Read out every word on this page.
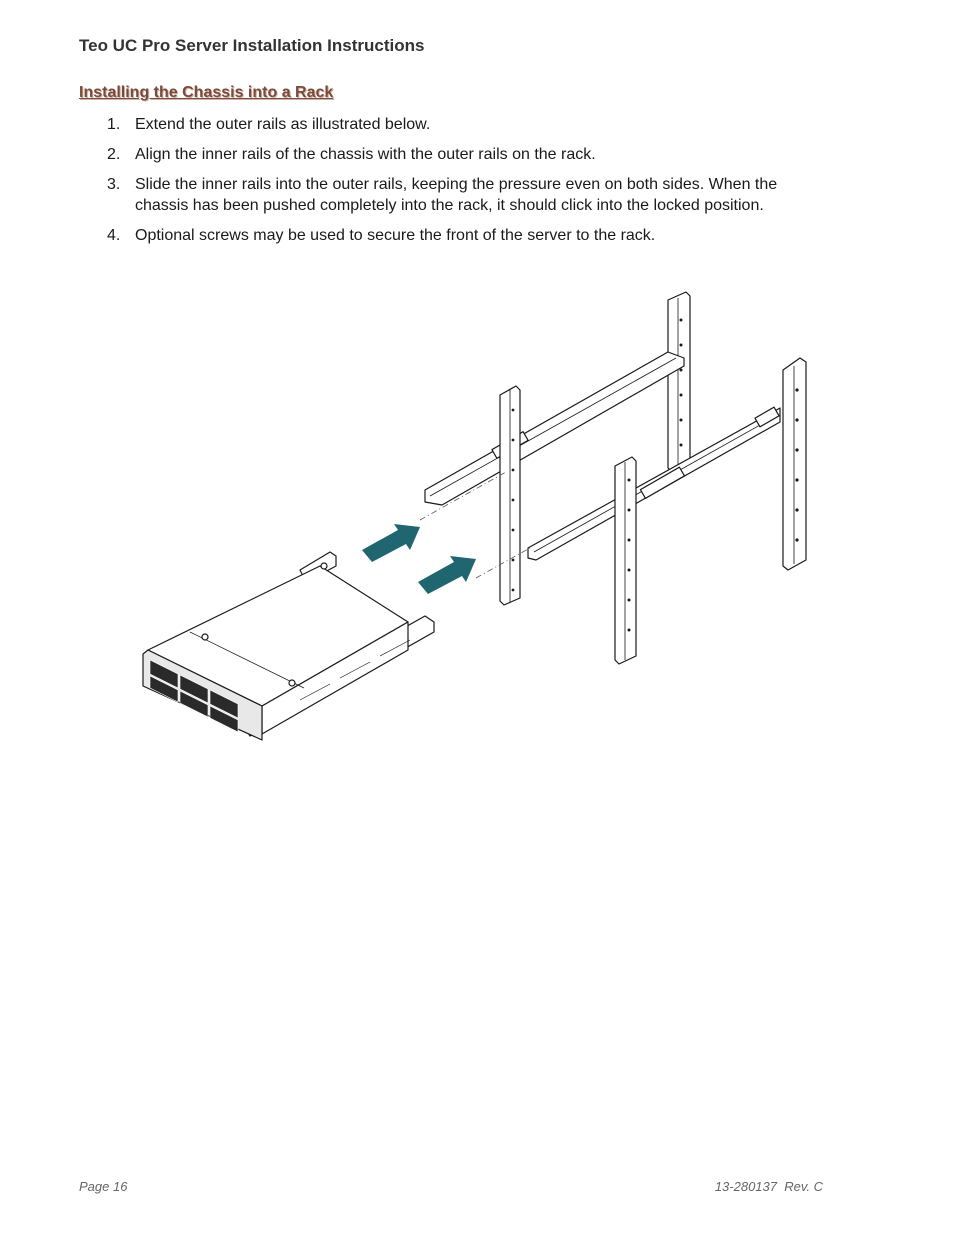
Teo UC Pro Server Installation Instructions
Installing the Chassis into a Rack
1. Extend the outer rails as illustrated below.
2. Align the inner rails of the chassis with the outer rails on the rack.
3. Slide the inner rails into the outer rails, keeping the pressure even on both sides. When the chassis has been pushed completely into the rack, it should click into the locked position.
4. Optional screws may be used to secure the front of the server to the rack.
Page 16	13-280137  Rev. C
